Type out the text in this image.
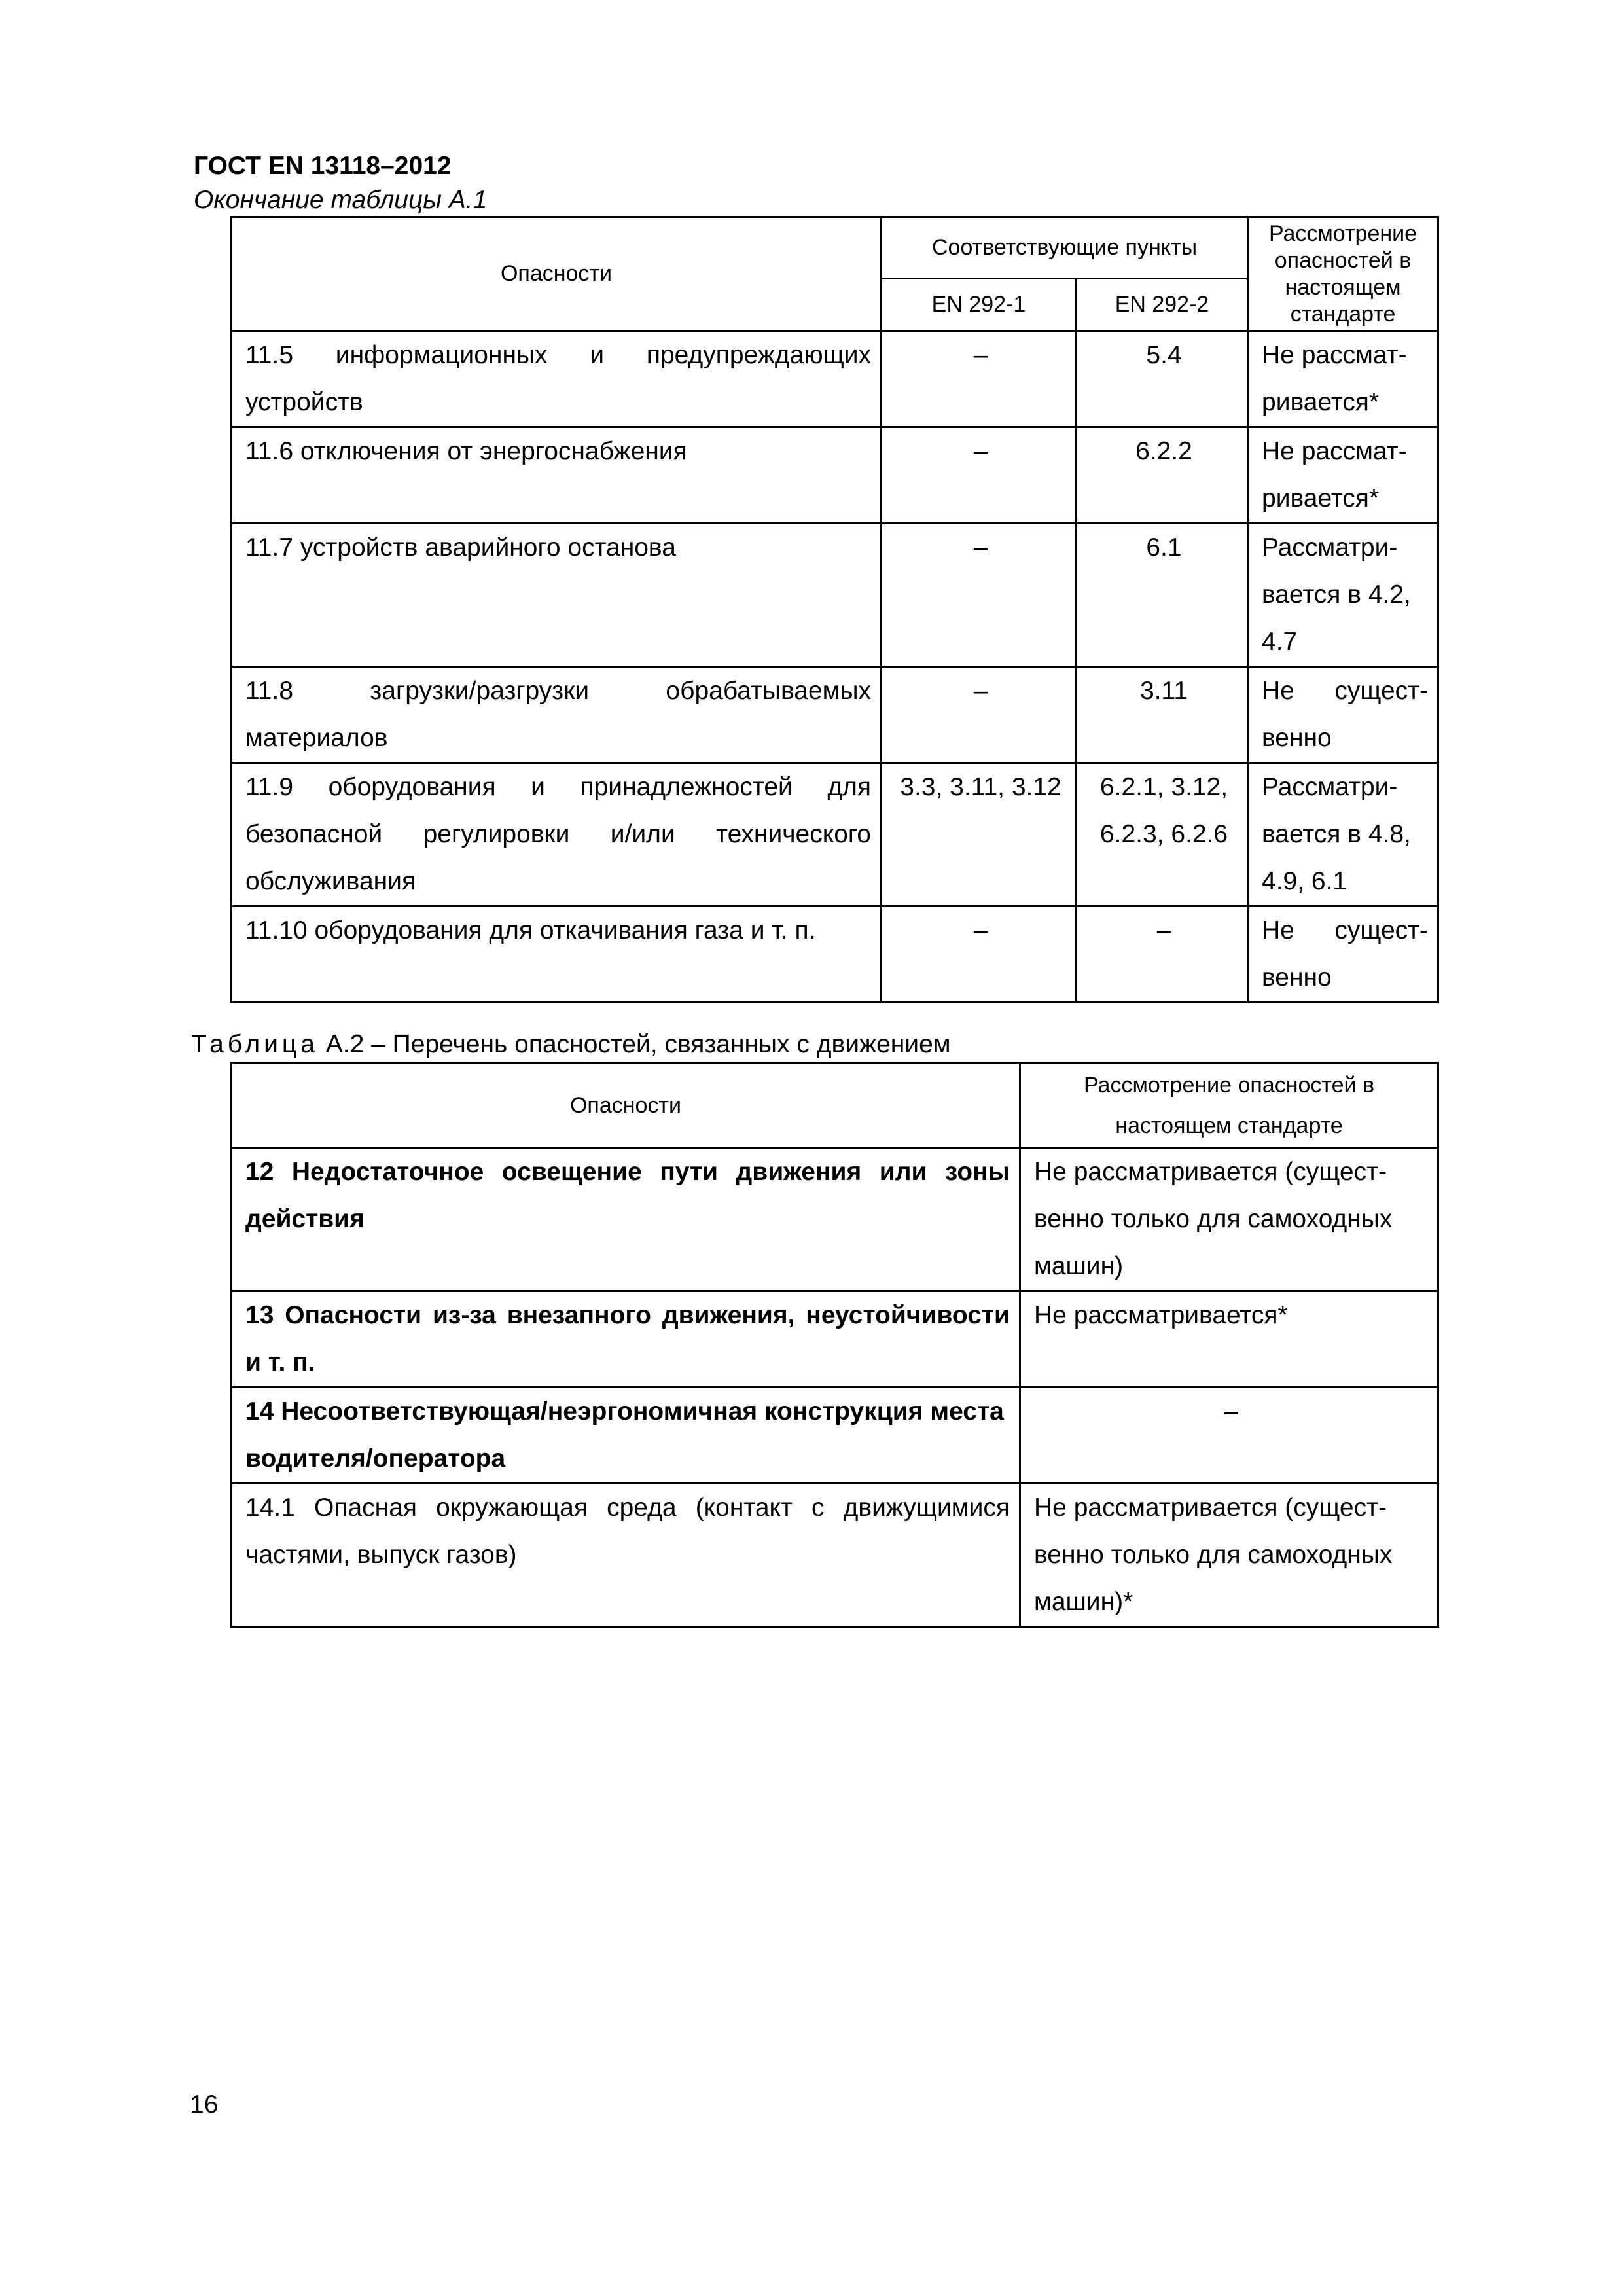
ГОСТ EN 13118–2012
Окончание таблицы А.1
Опасности	Соответствующие пункты		Рассмотрение опасностей в настоящем стандарте
	EN 292-1	EN 292-2	
11.5 информационных и предупреждающих устройств	–	5.4	Не рассмат-ривается*
11.6 отключения от энергоснабжения	–	6.2.2	Не рассмат-ривается*
11.7 устройств аварийного останова	–	6.1	Рассматри-вается в 4.2, 4.7
11.8 загрузки/разгрузки обрабатываемых материалов	–	3.11	Не сущест-венно
11.9 оборудования и принадлежностей для безопасной регулировки и/или технического обслуживания	3.3, 3.11, 3.12	6.2.1, 3.12, 6.2.3, 6.2.6	Рассматри-вается в 4.8, 4.9, 6.1
11.10 оборудования для откачивания газа и т. п.	–	–	Не сущест-венно
Таблица А.2 – Перечень опасностей, связанных с движением
Опасности	Рассмотрение опасностей в настоящем стандарте
12 Недостаточное освещение пути движения или зоны действия	Не рассматривается (сущест-венно только для самоходных машин)
13 Опасности из-за внезапного движения, неустойчивости и т. п.	Не рассматривается*
14 Несоответствующая/неэргономичная конструкция места водителя/оператора	–
14.1 Опасная окружающая среда (контакт с движущимися частями, выпуск газов)	Не рассматривается (сущест-венно только для самоходных машин)*
16
